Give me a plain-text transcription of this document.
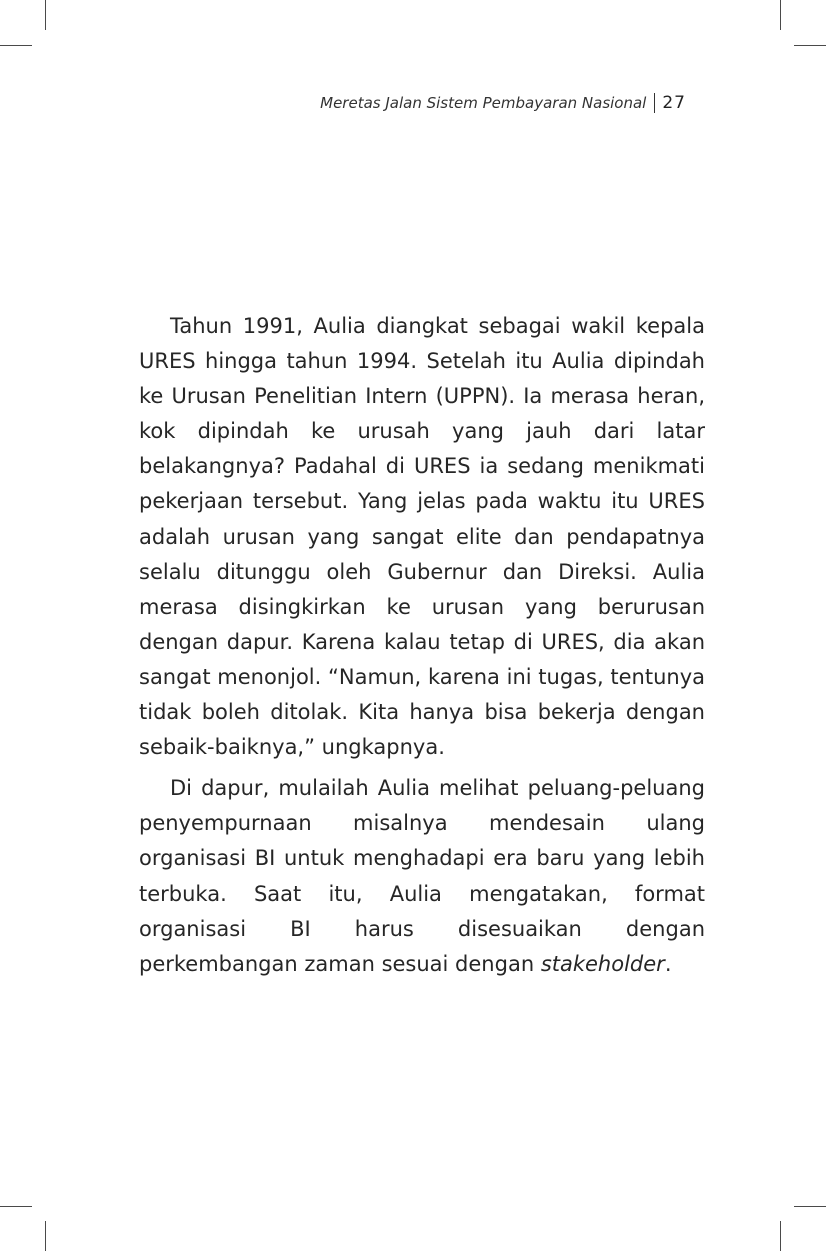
Meretas Jalan Sistem Pembayaran Nasional 27

Tahun 1991, Aulia diangkat sebagai wakil kepala URES hingga tahun 1994. Setelah itu Aulia dipindah ke Urusan Penelitian Intern (UPPN). Ia merasa heran, kok dipindah ke urusah yang jauh dari latar belakangnya? Padahal di URES ia sedang menikmati pekerjaan tersebut. Yang jelas pada waktu itu URES adalah urusan yang sangat elite dan pendapatnya selalu ditunggu oleh Gubernur dan Direksi. Aulia merasa disingkirkan ke urusan yang berurusan dengan dapur. Karena kalau tetap di URES, dia akan sangat menonjol. “Namun, karena ini tugas, tentunya tidak boleh ditolak. Kita hanya bisa bekerja dengan sebaik-baiknya,” ungkapnya.

Di dapur, mulailah Aulia melihat peluang-peluang penyempurnaan misalnya mendesain ulang organisasi BI untuk menghadapi era baru yang lebih terbuka. Saat itu, Aulia mengatakan, format organisasi BI harus disesuaikan dengan perkembangan zaman sesuai dengan stakeholder.
